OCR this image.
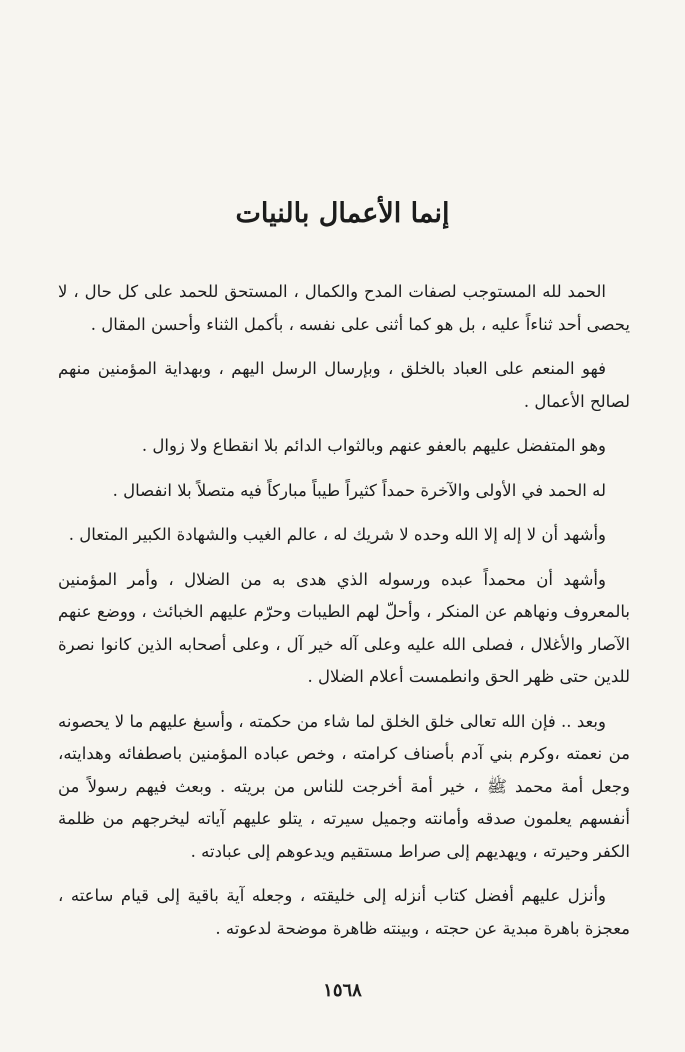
إنما الأعمال بالنيات

الحمد لله المستوجب لصفات المدح والكمال ، المستحق للحمد على كل حال ، لا يحصى أحد ثناءاً عليه ، بل هو كما أثنى على نفسه ، بأكمل الثناء وأحسن المقال .

فهو المنعم على العباد بالخلق ، وبإرسال الرسل اليهم ، وبهداية المؤمنين منهم لصالح الأعمال .

وهو المتفضل عليهم بالعفو عنهم وبالثواب الدائم بلا انقطاع ولا زوال .

له الحمد في الأولى والآخرة حمداً كثيراً طيباً مباركاً فيه متصلاً بلا انفصال .

وأشهد أن لا إله إلا الله وحده لا شريك له ، عالم الغيب والشهادة الكبير المتعال .

وأشهد أن محمداً عبده ورسوله الذي هدى به من الضلال ، وأمر المؤمنين بالمعروف ونهاهم عن المنكر ، وأحلّ لهم الطيبات وحرّم عليهم الخبائث ، ووضع عنهم الآصار والأغلال ، فصلى الله عليه وعلى آله خير آل ، وعلى أصحابه الذين كانوا نصرة للدين حتى ظهر الحق وانطمست أعلام الضلال .

وبعد .. فإن الله تعالى خلق الخلق لما شاء من حكمته ، وأسبغ عليهم ما لا يحصونه من نعمته ،وكرم بني آدم بأصناف كرامته ، وخص عباده المؤمنين باصطفائه وهدايته، وجعل أمة محمد ﷺ ، خير أمة أخرجت للناس من بريته . وبعث فيهم رسولاً من أنفسهم يعلمون صدقه وأمانته وجميل سيرته ، يتلو عليهم آياته ليخرجهم من ظلمة الكفر وحيرته ، ويهديهم إلى صراط مستقيم ويدعوهم إلى عبادته .

وأنزل عليهم أفضل كتاب أنزله إلى خليقته ، وجعله آية باقية إلى قيام ساعته ، معجزة باهرة مبدية عن حجته ، وبينته ظاهرة موضحة لدعوته .

١٥٦٨
